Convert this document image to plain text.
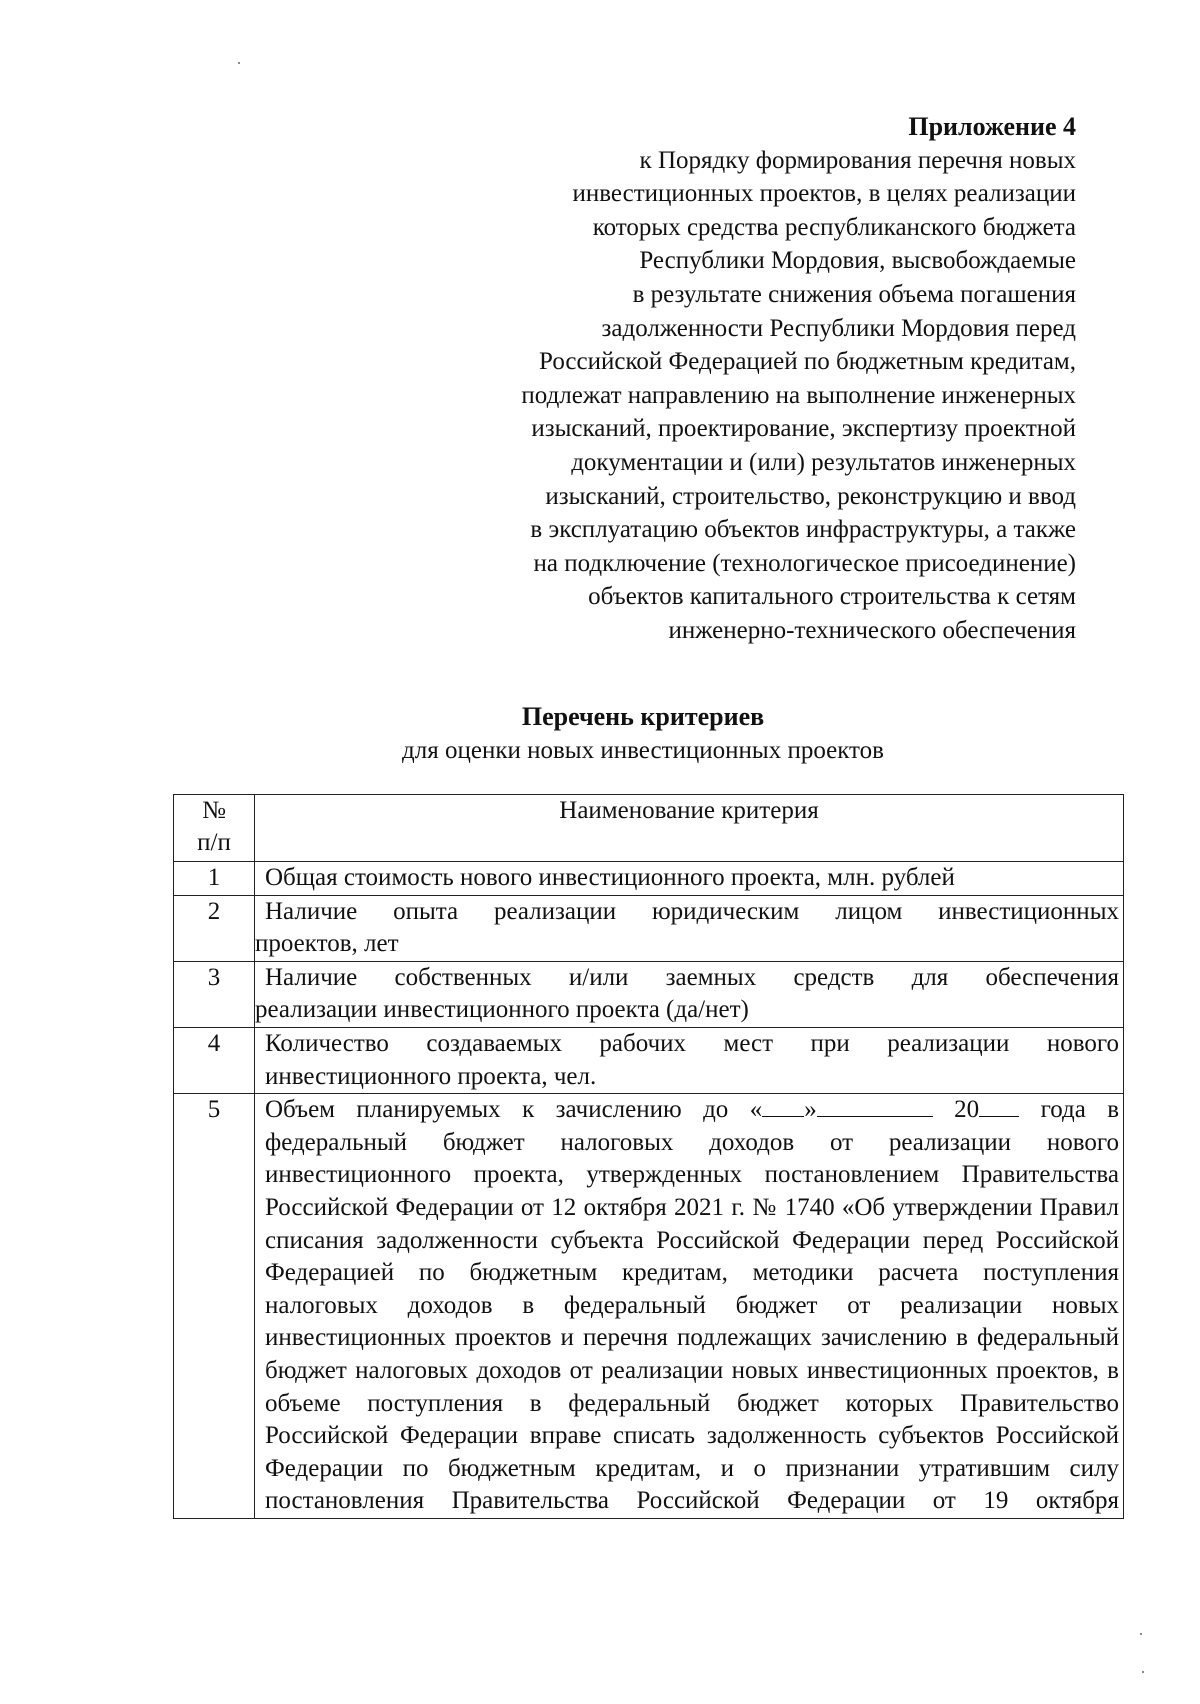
Приложение 4
к Порядку формирования перечня новых
инвестиционных проектов, в целях реализации
которых средства республиканского бюджета
Республики Мордовия, высвобождаемые
в результате снижения объема погашения
задолженности Республики Мордовия перед
Российской Федерацией по бюджетным кредитам,
подлежат направлению на выполнение инженерных
изысканий, проектирование, экспертизу проектной
документации и (или) результатов инженерных
изысканий, строительство, реконструкцию и ввод
в эксплуатацию объектов инфраструктуры, а также
на подключение (технологическое присоединение)
объектов капитального строительства к сетям
инженерно-технического обеспечения
Перечень критериев
для оценки новых инвестиционных проектов
№
п/п	Наименование критерия
1	Общая стоимость нового инвестиционного проекта, млн. рублей

2	Наличие опыта реализации юридическим лицом инвестиционных
проектов, лет

3	Наличие собственных и/или заемных средств для обеспечения
реализации инвестиционного проекта (да/нет)

4	Количество создаваемых рабочих мест при реализации нового
инвестиционного проекта, чел.

5	Объем планируемых к зачислению до « » 20 года в федеральный бюджет налоговых доходов от реализации нового инвестиционного проекта, утвержденных постановлением Правительства Российской Федерации от 12 октября 2021 г. № 1740 «Об утверждении Правил списания задолженности субъекта Российской Федерации перед Российской Федерацией по бюджетным кредитам, методики расчета поступления налоговых доходов в федеральный бюджет от реализации новых инвестиционных проектов и перечня подлежащих зачислению в федеральный бюджет налоговых доходов от реализации новых инвестиционных проектов, в объеме поступления в федеральный бюджет которых Правительство Российской Федерации вправе списать задолженность субъектов Российской Федерации по бюджетным кредитам, и о признании утратившим силу постановления Правительства Российской Федерации от 19 октября
